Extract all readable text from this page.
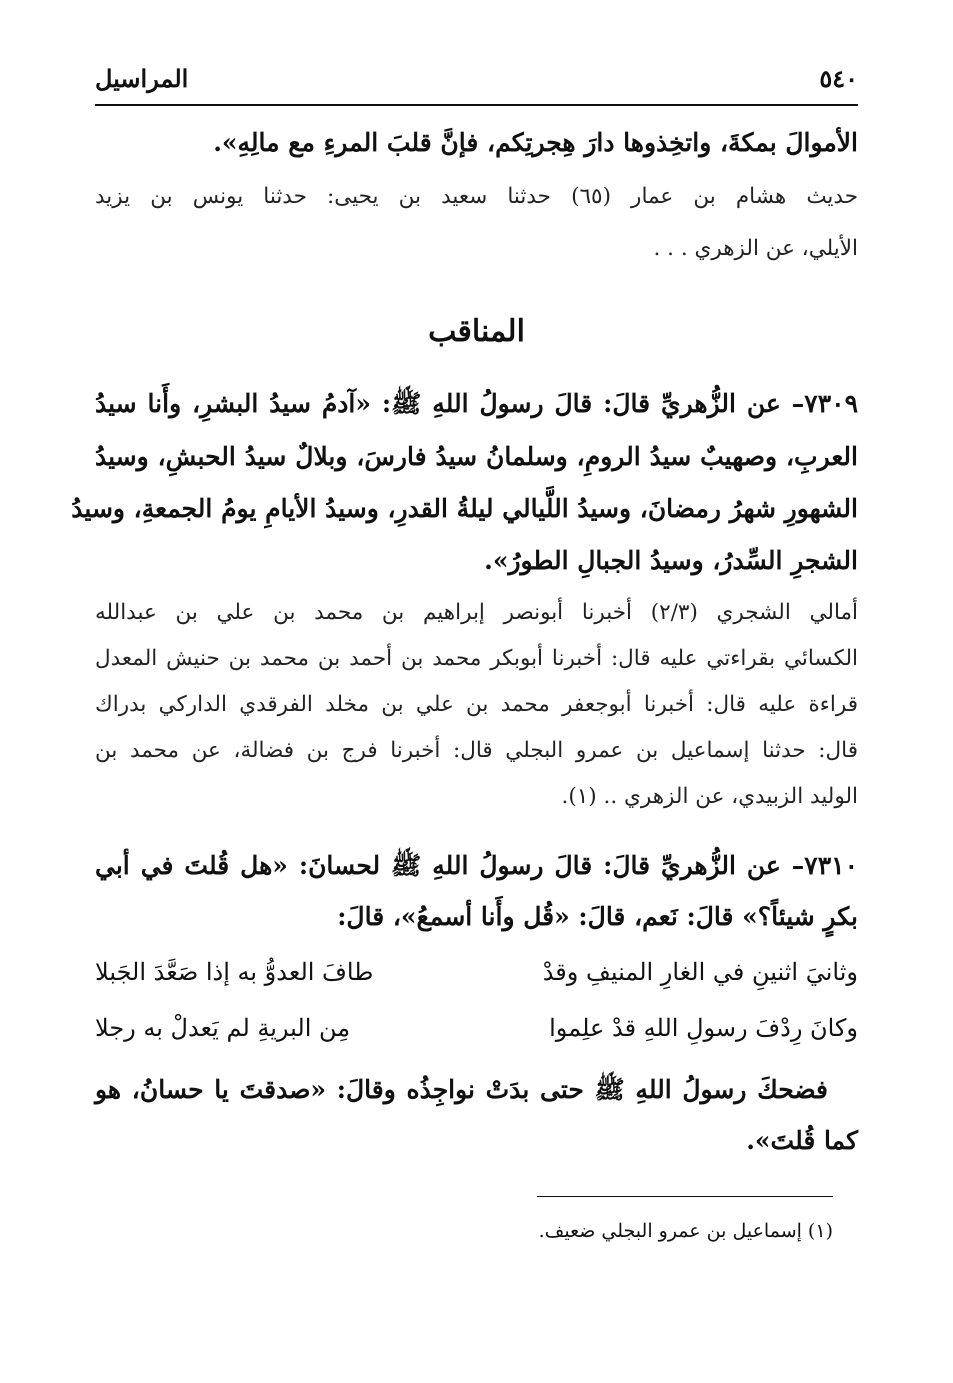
٥٤٠
المراسيل
الأموالَ بمكةَ، واتخِذوها دارَ هِجرتِكم، فإنَّ قلبَ المرءِ مع مالِهِ».
حديث هشام بن عمار (٦٥) حدثنا سعيد بن يحيى: حدثنا يونس بن يزيد
الأيلي، عن الزهري . . .
المناقب
٧٣٠٩– عن الزُّهريِّ قالَ: قالَ رسولُ اللهِ ﷺ: «آدمُ سيدُ البشرِ، وأَنا سيدُ
العربِ، وصهيبٌ سيدُ الرومِ، وسلمانُ سيدُ فارسَ، وبلالٌ سيدُ الحبشِ، وسيدُ
الشهورِ شهرُ رمضانَ، وسيدُ اللَّيالي ليلةُ القدرِ، وسيدُ الأيامِ يومُ الجمعةِ، وسيدُ
الشجرِ السِّدرُ، وسيدُ الجبالِ الطورُ».
أمالي الشجري (٢/٣) أخبرنا أبونصر إبراهيم بن محمد بن علي بن عبدالله
الكسائي بقراءتي عليه قال: أخبرنا أبوبكر محمد بن أحمد بن محمد بن حنيش المعدل
قراءة عليه قال: أخبرنا أبوجعفر محمد بن علي بن مخلد الفرقدي الداركي بدراك
قال: حدثنا إسماعيل بن عمرو البجلي قال: أخبرنا فرج بن فضالة، عن محمد بن
الوليد الزبيدي، عن الزهري .. (١).
٧٣١٠– عن الزُّهريِّ قالَ: قالَ رسولُ اللهِ ﷺ لحسانَ: «هل قُلتَ في أبي
بكرٍ شيئاً؟» قالَ: نَعم، قالَ: «قُل وأَنا أسمعُ»، قالَ:
وثانيَ اثنينِ في الغارِ المنيفِ وقدْ
طافَ العدوُّ به إذا صَعَّدَ الجَبلا
وكانَ رِدْفَ رسولِ اللهِ قدْ علِموا
مِن البريةِ لم يَعدلْ به رجلا
فضحكَ رسولُ اللهِ ﷺ حتى بدَتْ نواجِذُه وقالَ: «صدقتَ يا حسانُ، هو
كما قُلتَ».
(١) إسماعيل بن عمرو البجلي ضعيف.
